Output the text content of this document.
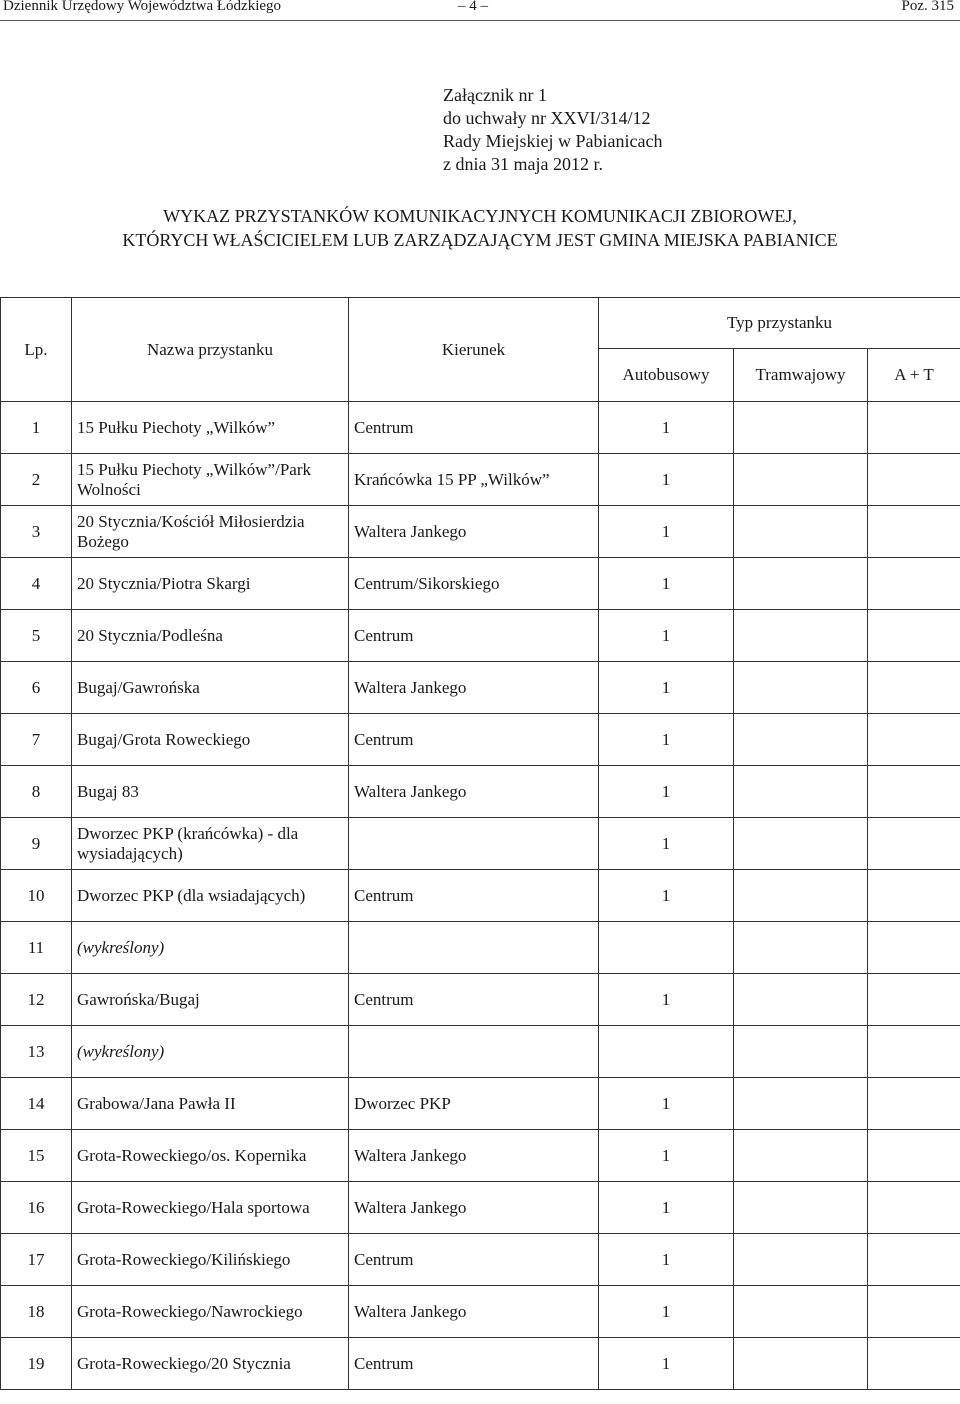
Dziennik Urzędowy Województwa Łódzkiego	– 4 –	Poz. 315
Załącznik nr 1
do uchwały nr XXVI/314/12
Rady Miejskiej w Pabianicach
z dnia 31 maja 2012 r.
WYKAZ PRZYSTANKÓW KOMUNIKACYJNYCH KOMUNIKACJI ZBIOROWEJ,
KTÓRYCH WŁAŚCICIELEM LUB ZARZĄDZAJĄCYM JEST GMINA MIEJSKA PABIANICE
Lp.	Nazwa przystanku	Kierunek	Typ przystanku		
			Autobusowy	Tramwajowy	A + T
1	15 Pułku Piechoty „Wilków”	Centrum	1		
2	15 Pułku Piechoty „Wilków”/Park Wolności	Krańcówka 15 PP „Wilków”	1		
3	20 Stycznia/Kościół Miłosierdzia Bożego	Waltera Jankego	1		
4	20 Stycznia/Piotra Skargi	Centrum/Sikorskiego	1		
5	20 Stycznia/Podleśna	Centrum	1		
6	Bugaj/Gawrońska	Waltera Jankego	1		
7	Bugaj/Grota Roweckiego	Centrum	1		
8	Bugaj 83	Waltera Jankego	1		
9	Dworzec PKP (krańcówka) - dla wysiadających)		1		
10	Dworzec PKP (dla wsiadających)	Centrum	1		
11	(wykreślony)				
12	Gawrońska/Bugaj	Centrum	1		
13	(wykreślony)				
14	Grabowa/Jana Pawła II	Dworzec PKP	1		
15	Grota-Roweckiego/os. Kopernika	Waltera Jankego	1		
16	Grota-Roweckiego/Hala sportowa	Waltera Jankego	1		
17	Grota-Roweckiego/Kilińskiego	Centrum	1		
18	Grota-Roweckiego/Nawrockiego	Waltera Jankego	1		
19	Grota-Roweckiego/20 Stycznia	Centrum	1		
